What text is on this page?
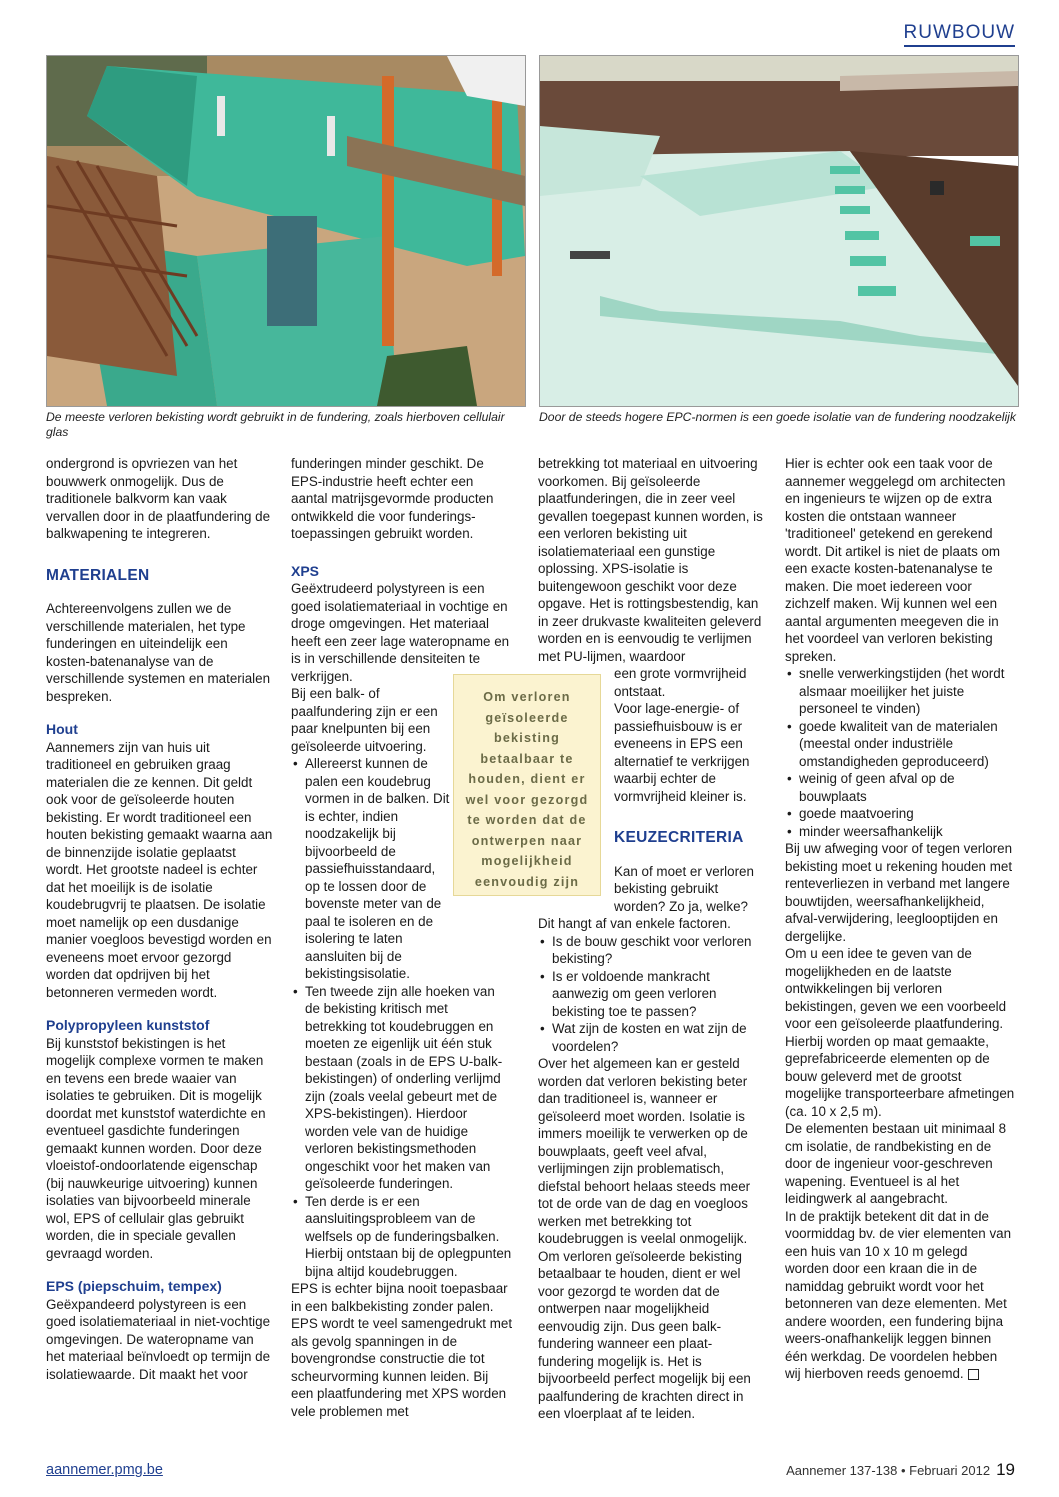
RUWBOUW
De meeste verloren bekisting wordt gebruikt in de fundering, zoals hierboven cellulair glas
Door de steeds hogere EPC-normen is een goede isolatie van de fundering noodzakelijk

ondergrond is opvriezen van het bouwwerk onmogelijk. Dus de traditionele balkvorm kan vaak vervallen door in de plaatfundering de balkwapening te integreren.

MATERIALEN

Achtereenvolgens zullen we de verschillende materialen, het type funderingen en uiteindelijk een kosten-batenanalyse van de verschillende systemen en materialen bespreken.

Hout

Aannemers zijn van huis uit traditioneel en gebruiken graag materialen die ze kennen. Dit geldt ook voor de geïsoleerde houten bekisting. Er wordt traditioneel een houten bekisting gemaakt waarna aan de binnenzijde isolatie geplaatst wordt. Het grootste nadeel is echter dat het moeilijk is de isolatie koudebrugvrij te plaatsen. De isolatie moet namelijk op een dusdanige manier voegloos bevestigd worden en eveneens moet ervoor gezorgd worden dat opdrijven bij het betonneren vermeden wordt.

Polypropyleen kunststof

Bij kunststof bekistingen is het mogelijk complexe vormen te maken en tevens een brede waaier van isolaties te gebruiken. Dit is mogelijk doordat met kunststof waterdichte en eventueel gasdichte funderingen gemaakt kunnen worden. Door deze vloeistof-ondoorlatende eigenschap (bij nauwkeurige uitvoering) kunnen isolaties van bijvoorbeeld minerale wol, EPS of cellulair glas gebruikt worden, die in speciale gevallen gevraagd worden.

EPS (piepschuim, tempex)

Geëxpandeerd polystyreen is een goed isolatiemateriaal in niet-vochtige omgevingen. De wateropname van het materiaal beïnvloedt op termijn de isolatiewaarde. Dit maakt het voor

funderingen minder geschikt. De EPS-industrie heeft echter een aantal matrijsgevormde producten ontwikkeld die voor funderings-toepassingen gebruikt worden.

XPS

Geëxtrudeerd polystyreen is een goed isolatiemateriaal in vochtige en droge omgevingen. Het materiaal heeft een zeer lage wateropname en is in verschillende densiteiten te verkrijgen.

Bij een balk- of paalfundering zijn er een paar knelpunten bij een geïsoleerde uitvoering.

• Allereerst kunnen de palen een koudebrug vormen in de balken. Dit is echter, indien noodzakelijk bij bijvoorbeeld de passiefhuisstandaard, op te lossen door de bovenste meter van de paal te isoleren en de isolering te laten aansluiten bij de bekistingsisolatie.
• Ten tweede zijn alle hoeken van de bekisting kritisch met betrekking tot koudebruggen en moeten ze eigenlijk uit één stuk bestaan (zoals in de EPS U-balk-bekistingen) of onderling verlijmd zijn (zoals veelal gebeurt met de XPS-bekistingen). Hierdoor worden vele van de huidige verloren bekistingsmethoden ongeschikt voor het maken van geïsoleerde funderingen.
• Ten derde is er een aansluitingsprobleem van de welfsels op de funderingsbalken. Hierbij ontstaan bij de oplegpunten bijna altijd koudebruggen.

EPS is echter bijna nooit toepasbaar in een balkbekisting zonder palen. EPS wordt te veel samengedrukt met als gevolg spanningen in de bovengrondse constructie die tot scheurvorming kunnen leiden. Bij een plaatfundering met XPS worden vele problemen met

Om verloren geïsoleerde bekisting betaalbaar te houden, dient er wel voor gezorgd te worden dat de ontwerpen naar mogelijkheid eenvoudig zijn

betrekking tot materiaal en uitvoering voorkomen. Bij geïsoleerde plaatfunderingen, die in zeer veel gevallen toegepast kunnen worden, is een verloren bekisting uit isolatiemateriaal een gunstige oplossing. XPS-isolatie is buitengewoon geschikt voor deze opgave. Het is rottingsbestendig, kan in zeer drukvaste kwaliteiten geleverd worden en is eenvoudig te verlijmen met PU-lijmen, waardoor

een grote vormvrijheid ontstaat.

Voor lage-energie- of passiefhuisbouw is er eveneens in EPS een alternatief te verkrijgen waarbij echter de vormvrijheid kleiner is.

KEUZECRITERIA

Kan of moet er verloren bekisting gebruikt worden? Zo ja, welke?

Dit hangt af van enkele factoren.

• Is de bouw geschikt voor verloren bekisting?
• Is er voldoende mankracht aanwezig om geen verloren bekisting toe te passen?
• Wat zijn de kosten en wat zijn de voordelen?

Over het algemeen kan er gesteld worden dat verloren bekisting beter dan traditioneel is, wanneer er geïsoleerd moet worden. Isolatie is immers moeilijk te verwerken op de bouwplaats, geeft veel afval, verlijmingen zijn problematisch, diefstal behoort helaas steeds meer tot de orde van de dag en voegloos werken met betrekking tot koudebruggen is veelal onmogelijk.

Om verloren geïsoleerde bekisting betaalbaar te houden, dient er wel voor gezorgd te worden dat de ontwerpen naar mogelijkheid eenvoudig zijn. Dus geen balk-fundering wanneer een plaat-fundering mogelijk is. Het is bijvoorbeeld perfect mogelijk bij een paalfundering de krachten direct in een vloerplaat af te leiden.

Hier is echter ook een taak voor de aannemer weggelegd om architecten en ingenieurs te wijzen op de extra kosten die ontstaan wanneer 'traditioneel' getekend en gerekend wordt. Dit artikel is niet de plaats om een exacte kosten-batenanalyse te maken. Die moet iedereen voor zichzelf maken. Wij kunnen wel een aantal argumenten meegeven die in het voordeel van verloren bekisting spreken.

• snelle verwerkingstijden (het wordt alsmaar moeilijker het juiste personeel te vinden)
• goede kwaliteit van de materialen (meestal onder industriële omstandigheden geproduceerd)
• weinig of geen afval op de bouwplaats
• goede maatvoering
• minder weersafhankelijk

Bij uw afweging voor of tegen verloren bekisting moet u rekening houden met renteverliezen in verband met langere bouwtijden, weersafhankelijkheid, afval-verwijdering, leeglooptijden en dergelijke.

Om u een idee te geven van de mogelijkheden en de laatste ontwikkelingen bij verloren bekistingen, geven we een voorbeeld voor een geïsoleerde plaatfundering.

Hierbij worden op maat gemaakte, geprefabriceerde elementen op de bouw geleverd met de grootst mogelijke transporteerbare afmetingen (ca. 10 x 2,5 m).

De elementen bestaan uit minimaal 8 cm isolatie, de randbekisting en de door de ingenieur voor-geschreven wapening. Eventueel is al het leidingwerk al aangebracht.

In de praktijk betekent dit dat in de voormiddag bv. de vier elementen van een huis van 10 x 10 m gelegd worden door een kraan die in de namiddag gebruikt wordt voor het betonneren van deze elementen. Met andere woorden, een fundering bijna weers-onafhankelijk leggen binnen één werkdag. De voordelen hebben wij hierboven reeds genoemd.

aannemer.pmg.be	Aannemer 137-138 • Februari 2012 19
